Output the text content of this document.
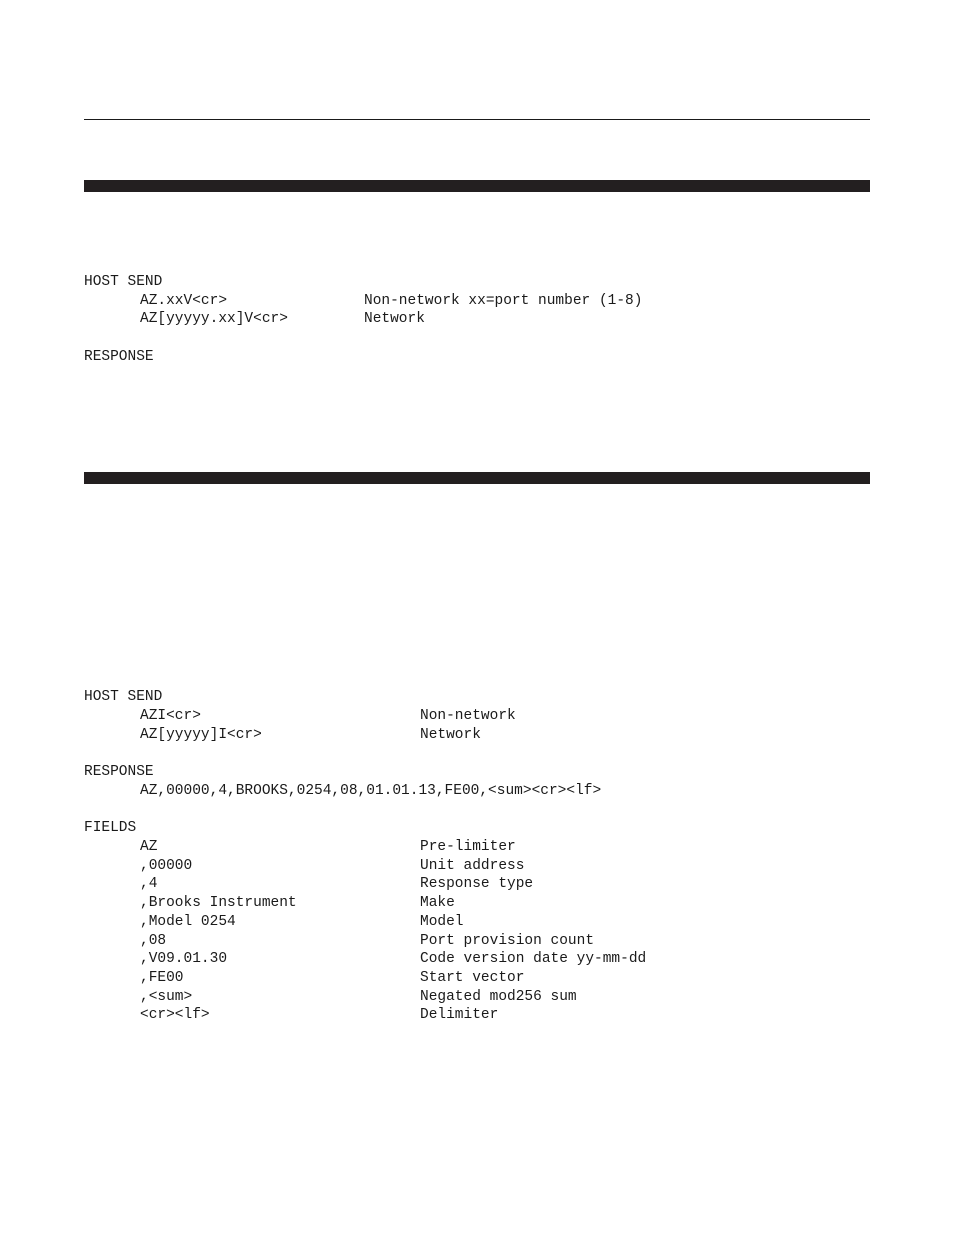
HOST SEND
AZ.xxV<cr>	Non-network xx=port number (1-8)
AZ[yyyyy.xx]V<cr>	Network
RESPONSE
HOST SEND
AZI<cr>	Non-network
AZ[yyyyy]I<cr>	Network
RESPONSE
AZ,00000,4,BROOKS,0254,08,01.01.13,FE00,<sum><cr><lf>
FIELDS
AZ	Pre-limiter
,00000	Unit address
,4	Response type
,Brooks Instrument	Make
,Model 0254	Model
,08	Port provision count
,V09.01.30	Code version date yy-mm-dd
,FE00	Start vector
,<sum>	Negated mod256 sum
<cr><lf>	Delimiter
